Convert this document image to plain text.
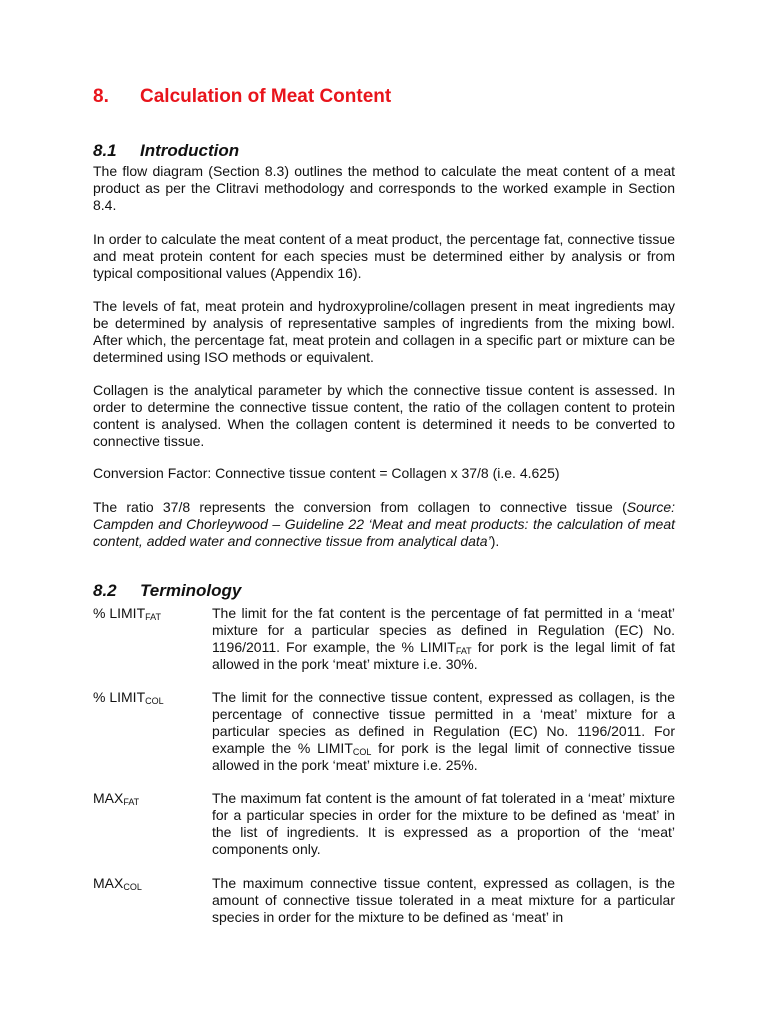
8. Calculation of Meat Content
8.1 Introduction

The flow diagram (Section 8.3) outlines the method to calculate the meat content of a meat product as per the Clitravi methodology and corresponds to the worked example in Section 8.4.

In order to calculate the meat content of a meat product, the percentage fat, connective tissue and meat protein content for each species must be determined either by analysis or from typical compositional values (Appendix 16).

The levels of fat, meat protein and hydroxyproline/collagen present in meat ingredients may be determined by analysis of representative samples of ingredients from the mixing bowl. After which, the percentage fat, meat protein and collagen in a specific part or mixture can be determined using ISO methods or equivalent.

Collagen is the analytical parameter by which the connective tissue content is assessed. In order to determine the connective tissue content, the ratio of the collagen content to protein content is analysed. When the collagen content is determined it needs to be converted to connective tissue.

Conversion Factor: Connective tissue content = Collagen x 37/8 (i.e. 4.625)

The ratio 37/8 represents the conversion from collagen to connective tissue (Source: Campden and Chorleywood – Guideline 22 ‘Meat and meat products: the calculation of meat content, added water and connective tissue from analytical data’).

8.2 Terminology

% $LIMIT_{FAT}$	The limit for the fat content is the percentage of fat permitted in a ‘meat’ mixture for a particular species as defined in Regulation (EC) No. 1196/2011. For example, the % $LIMIT_{FAT}$ for pork is the legal limit of fat allowed in the pork ‘meat’ mixture i.e. 30%.

% $LIMIT_{COL}$	The limit for the connective tissue content, expressed as collagen, is the percentage of connective tissue permitted in a ‘meat’ mixture for a particular species as defined in Regulation (EC) No. 1196/2011. For example the % $LIMIT_{COL}$ for pork is the legal limit of connective tissue allowed in the pork ‘meat’ mixture i.e. 25%.

$MAX_{FAT}$	The maximum fat content is the amount of fat tolerated in a ‘meat’ mixture for a particular species in order for the mixture to be defined as ‘meat’ in the list of ingredients. It is expressed as a proportion of the ‘meat’ components only.

$MAX_{COL}$	The maximum connective tissue content, expressed as collagen, is the amount of connective tissue tolerated in a meat mixture for a particular species in order for the mixture to be defined as ‘meat’ in
